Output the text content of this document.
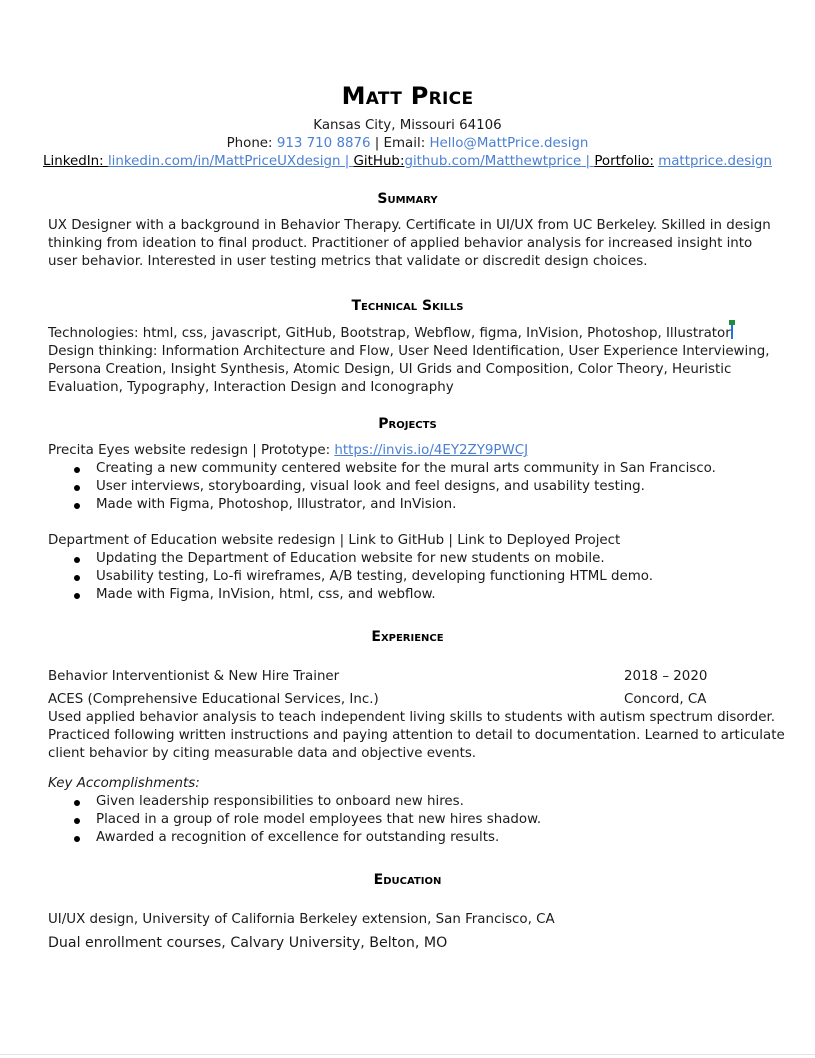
Matt Price
Kansas City, Missouri 64106
Phone: 913 710 8876 | Email: Hello@MattPrice.design
LinkedIn: linkedin.com/in/MattPriceUXdesign | GitHub:github.com/Matthewtprice | Portfolio: mattprice.design
Summary
UX Designer with a background in Behavior Therapy. Certificate in UI/UX from UC Berkeley. Skilled in design
thinking from ideation to final product. Practitioner of applied behavior analysis for increased insight into
user behavior. Interested in user testing metrics that validate or discredit design choices.
Technical Skills
Technologies: html, css, javascript, GitHub, Bootstrap, Webflow, figma, InVision, Photoshop, Illustrator
Design thinking: Information Architecture and Flow, User Need Identification, User Experience Interviewing,
Persona Creation, Insight Synthesis, Atomic Design, UI Grids and Composition, Color Theory, Heuristic
Evaluation, Typography, Interaction Design and Iconography
Projects
Precita Eyes website redesign | Prototype: https://invis.io/4EY2ZY9PWCJ
Creating a new community centered website for the mural arts community in San Francisco.
User interviews, storyboarding, visual look and feel designs, and usability testing.
Made with Figma, Photoshop, Illustrator, and InVision.
Department of Education website redesign | Link to GitHub | Link to Deployed Project
Updating the Department of Education website for new students on mobile.
Usability testing, Lo-fi wireframes, A/B testing, developing functioning HTML demo.
Made with Figma, InVision, html, css, and webflow.
Experience
Behavior Interventionist & New Hire Trainer	2018 – 2020
ACES (Comprehensive Educational Services, Inc.)	Concord, CA
Used applied behavior analysis to teach independent living skills to students with autism spectrum disorder.
Practiced following written instructions and paying attention to detail to documentation. Learned to articulate
client behavior by citing measurable data and objective events.
Key Accomplishments:
Given leadership responsibilities to onboard new hires.
Placed in a group of role model employees that new hires shadow.
Awarded a recognition of excellence for outstanding results.
Education
UI/UX design, University of California Berkeley extension, San Francisco, CA
Dual enrollment courses, Calvary University, Belton, MO
